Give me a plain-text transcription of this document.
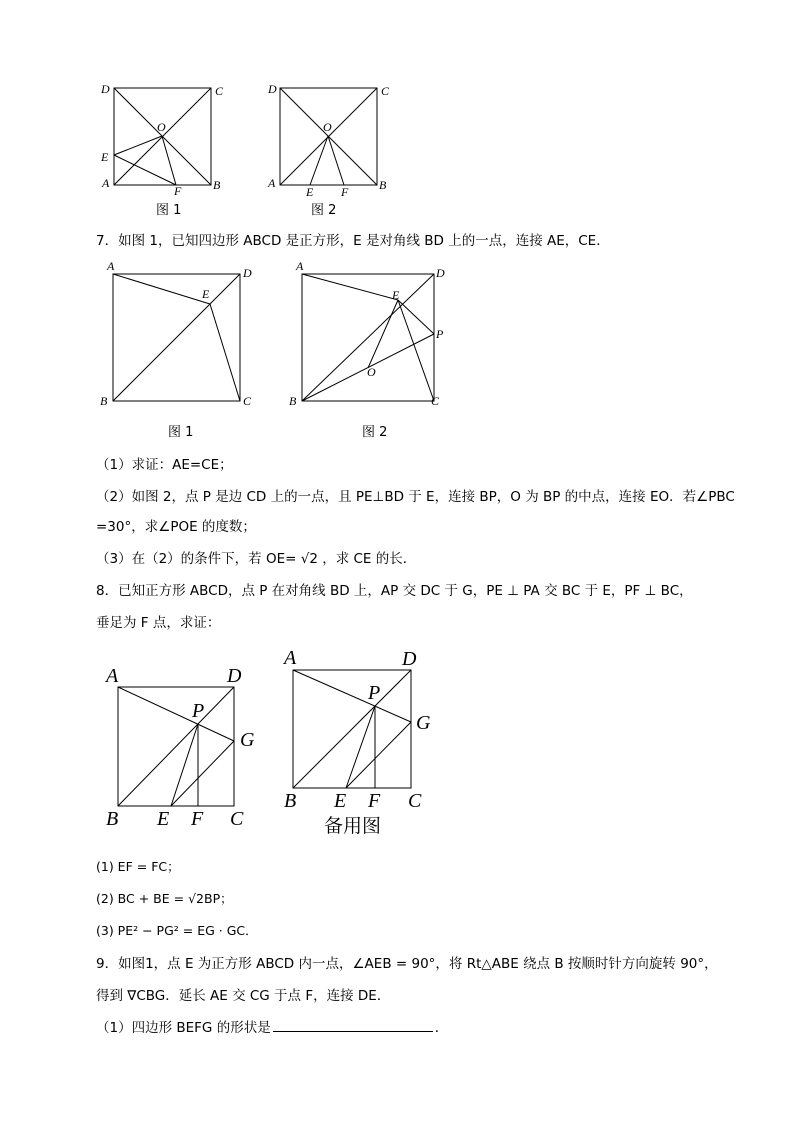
D	C
O
E
A	B
F
图 1
D	C
O
A	B
E F
图 2
7．如图 1，已知四边形 ABCD 是正方形，E 是对角线 BD 上的一点，连接 AE，CE．
A	D
E
B	C
图 1
A	D
E
P
O
B	C
图 2
（1）求证：AE=CE；
（2）如图 2，点 P 是边 CD 上的一点，且 PE⊥BD 于 E，连接 BP，O 为 BP 的中点，连接 EO．若∠PBC
=30°，求∠POE 的度数；
（3）在（2）的条件下，若 OE= √2 ，求 CE 的长．
8．已知正方形 ABCD，点 P 在对角线 BD 上，AP 交 DC 于 G，PE ⊥ PA 交 BC 于 E，PF ⊥ BC，
垂足为 F 点，求证：
A	D
P
G
B E F C
A	D
P
G
B E F C
备用图
(1) EF = FC；
(2) BC + BE = √2BP；
(3) PE² − PG² = EG · GC．
9．如图1，点 E 为正方形 ABCD 内一点，∠AEB = 90°，将 Rt△ABE 绕点 B 按顺时针方向旋转 90°，
得到 ∇CBG．延长 AE 交 CG 于点 F，连接 DE．
（1）四边形 BEFG 的形状是	．
